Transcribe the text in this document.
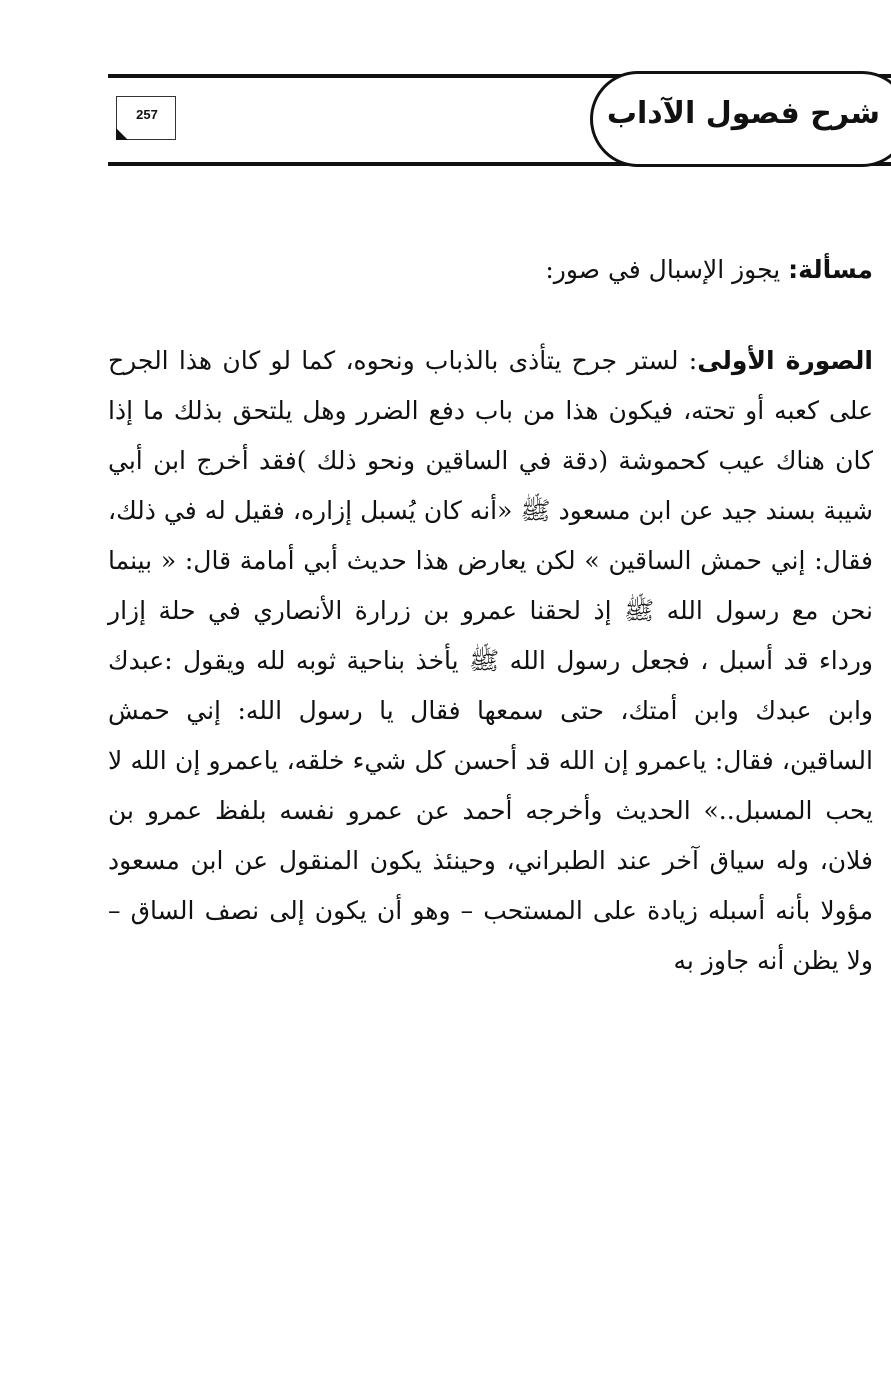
شرح فصول الآداب
257

مسألة: يجوز الإسبال في صور:

الصورة الأولى: لستر جرح يتأذى بالذباب ونحوه، كما لو كان هذا الجرح على كعبه أو تحته، فيكون هذا من باب دفع الضرر وهل يلتحق بذلك ما إذا كان هناك عيب كحموشة (دقة في الساقين ونحو ذلك )فقد أخرج ابن أبي شيبة بسند جيد عن ابن مسعود ﷺ «أنه كان يُسبل إزاره، فقيل له في ذلك، فقال: إني حمش الساقين » لكن يعارض هذا حديث أبي أمامة قال: « بينما نحن مع رسول الله ﷺ إذ لحقنا عمرو بن زرارة الأنصاري في حلة إزار ورداء قد أسبل ، فجعل رسول الله ﷺ يأخذ بناحية ثوبه لله ويقول :عبدك وابن عبدك وابن أمتك، حتى سمعها فقال يا رسول الله: إني حمش الساقين، فقال: ياعمرو إن الله قد أحسن كل شيء خلقه، ياعمرو إن الله لا يحب المسبل..» الحديث وأخرجه أحمد عن عمرو نفسه بلفظ عمرو بن فلان، وله سياق آخر عند الطبراني، وحينئذ يكون المنقول عن ابن مسعود مؤولا بأنه أسبله زيادة على المستحب – وهو أن يكون إلى نصف الساق – ولا يظن أنه جاوز به
